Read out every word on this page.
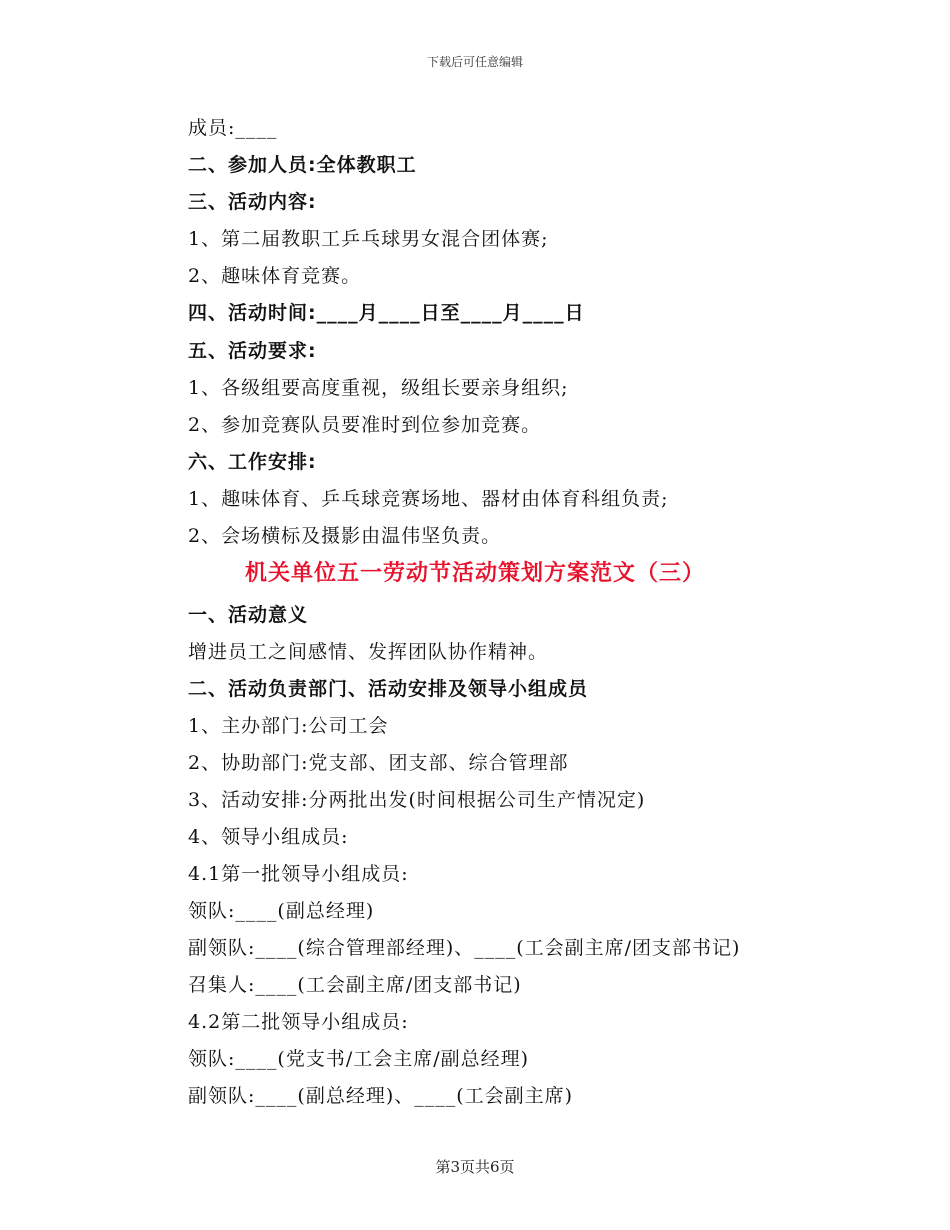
下载后可任意编辑

成员:____

二、参加人员:全体教职工

三、活动内容:

1、第二届教职工乒乓球男女混合团体赛;

2、趣味体育竞赛。

四、活动时间:____月____日至____月____日

五、活动要求:

1、各级组要高度重视，级组长要亲身组织;

2、参加竞赛队员要准时到位参加竞赛。

六、工作安排:

1、趣味体育、乒乓球竞赛场地、器材由体育科组负责;

2、会场横标及摄影由温伟坚负责。

机关单位五一劳动节活动策划方案范文（三）

一、活动意义

增进员工之间感情、发挥团队协作精神。

二、活动负责部门、活动安排及领导小组成员

1、主办部门:公司工会

2、协助部门:党支部、团支部、综合管理部

3、活动安排:分两批出发(时间根据公司生产情况定)

4、领导小组成员:

4.1第一批领导小组成员:

领队:____(副总经理)

副领队:____(综合管理部经理)、____(工会副主席/团支部书记)

召集人:____(工会副主席/团支部书记)

4.2第二批领导小组成员:

领队:____(党支书/工会主席/副总经理)

副领队:____(副总经理)、____(工会副主席)

第3页共6页
